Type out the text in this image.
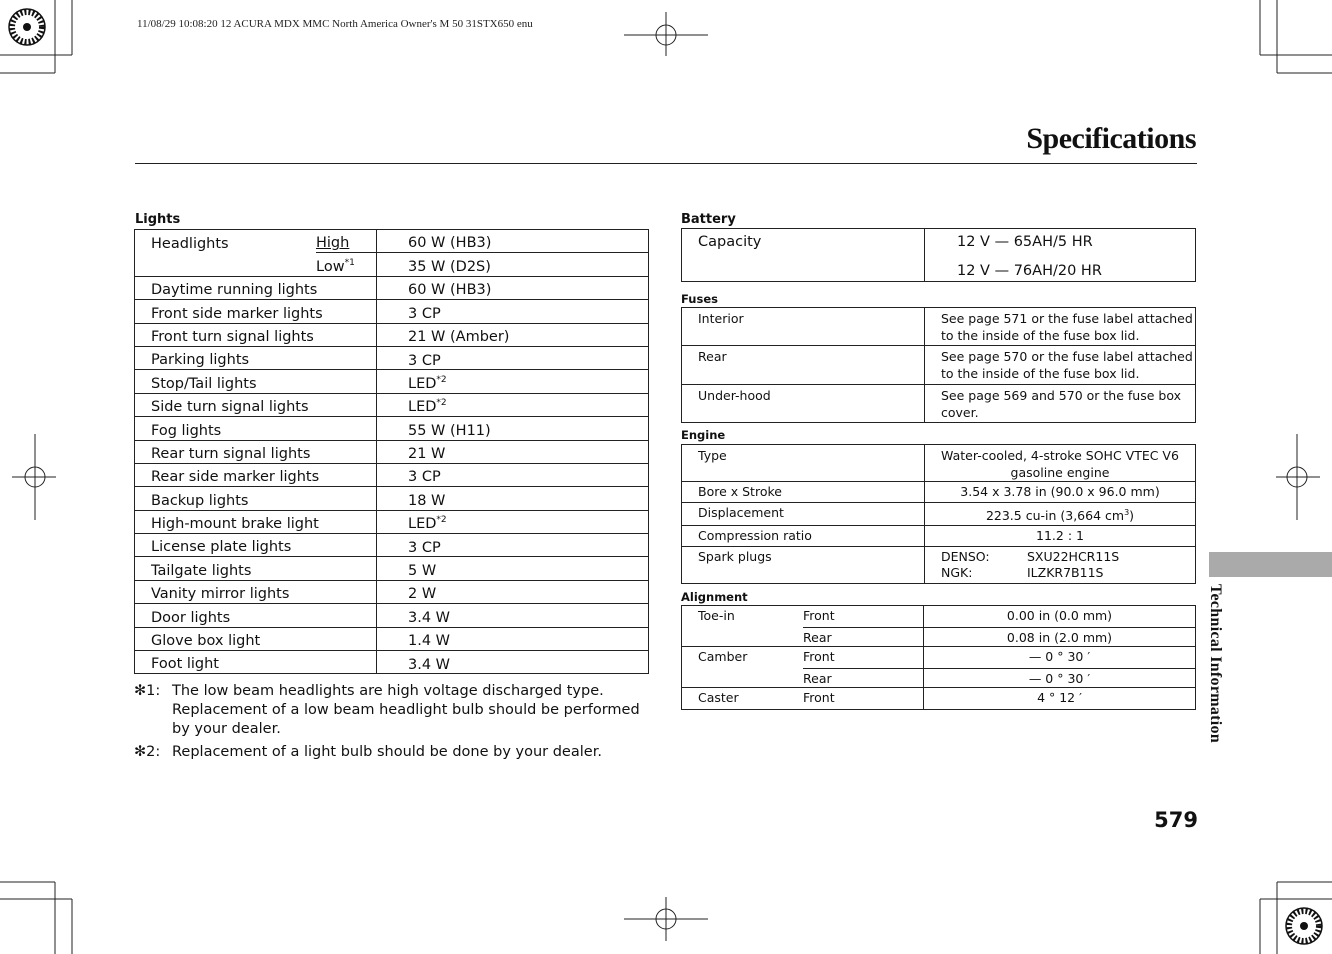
11/08/29 10:08:20 12 ACURA MDX MMC North America Owner's M 50 31STX650 enu
Specifications
Lights
Headlights	High	60 W (HB3)
	Low$^{*1}$	35 W (D2S)
Daytime running lights		60 W (HB3)
Front side marker lights		3 CP
Front turn signal lights		21 W (Amber)
Parking lights		3 CP
Stop/Tail lights		LED$^{*2}$
Side turn signal lights		LED$^{*2}$
Fog lights		55 W (H11)
Rear turn signal lights		21 W
Rear side marker lights		3 CP
Backup lights		18 W
High-mount brake light		LED$^{*2}$
License plate lights		3 CP
Tailgate lights		5 W
Vanity mirror lights		2 W
Door lights		3.4 W
Glove box light		1.4 W
Foot light		3.4 W
✻1: The low beam headlights are high voltage discharged type. Replacement of a low beam headlight bulb should be performed by your dealer.
✻2: Replacement of a light bulb should be done by your dealer.
Battery
Capacity	12 V — 65AH/5 HR
12 V — 76AH/20 HR
Fuses
Interior	See page 571 or the fuse label attached to the inside of the fuse box lid.
Rear	See page 570 or the fuse label attached to the inside of the fuse box lid.
Under-hood	See page 569 and 570 or the fuse box cover.
Engine
Type	Water-cooled, 4-stroke SOHC VTEC V6 gasoline engine
Bore x Stroke	3.54 x 3.78 in (90.0 x 96.0 mm)
Displacement	223.5 cu-in (3,664 $cm^3$)
Compression ratio	11.2 : 1
Spark plugs	DENSO: SXU22HCR11S
NGK: ILZKR7B11S
Alignment
Toe-in	Front	0.00 in (0.0 mm)
	Rear	0.08 in (2.0 mm)
Camber	Front	— 0 ° 30 ′
	Rear	— 0 ° 30 ′
Caster	Front	4 ° 12 ′	Technical Information
579
